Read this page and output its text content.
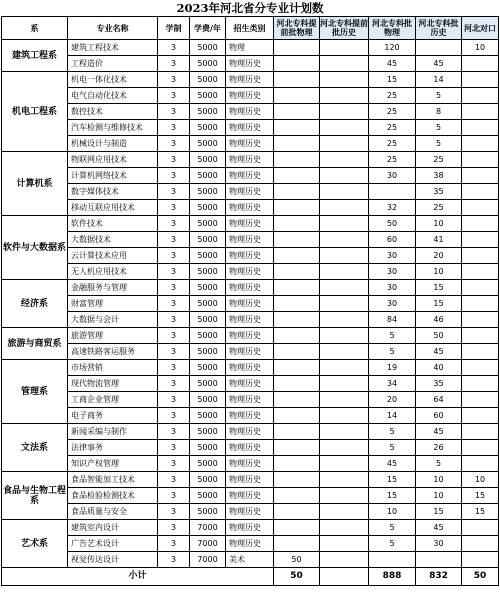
2023年河北省分专业计划数
系	专业名称	学制	学费/年	招生类别	河北专科提前批物理	河北专科提前批历史	河北专科批物理	河北专科批历史	河北对口
建筑工程系	建筑工程技术	3	5000	物理			120		10
	工程造价	3	5000	物理历史			45	45	
机电工程系	机电一体化技术	3	5000	物理历史			15	14	
	电气自动化技术	3	5000	物理历史			25	5	
	数控技术	3	5000	物理历史			25	8	
	汽车检测与维修技术	3	5000	物理历史			25	5	
	机械设计与制造	3	5000	物理历史			25	5	
计算机系	物联网应用技术	3	5000	物理历史			25	25	
	计算机网络技术	3	5000	物理历史			30	38	
	数字媒体技术	3	5000	物理历史				35	
	移动互联应用技术	3	5000	物理历史			32	25	
软件与大数据系	软件技术	3	5000	物理历史			50	10	
	大数据技术	3	5000	物理历史			60	41	
	云计算技术应用	3	5000	物理历史			30	20	
	无人机应用技术	3	5000	物理历史			30	10	
经济系	金融服务与管理	3	5000	物理历史			30	15	
	财富管理	3	5000	物理历史			30	15	
	大数据与会计	3	5000	物理历史			84	46	
旅游与商贸系	旅游管理	3	5000	物理历史			5	50	
	高速铁路客运服务	3	5000	物理历史			5	45	
管理系	市场营销	3	5000	物理历史			19	40	
	现代物流管理	3	5000	物理历史			34	35	
	工商企业管理	3	5000	物理历史			20	64	
	电子商务	3	5000	物理历史			14	60	
文法系	新闻采编与制作	3	5000	物理历史			5	45	
	法律事务	3	5000	物理历史			5	26	
	知识产权管理	3	5000	物理历史			45	5	
食品与生物工程系	食品智能加工技术	3	5000	物理历史			15	10	10
	食品检验检测技术	3	5000	物理历史			15	10	15
	食品质量与安全	3	5000	物理历史			10	15	15
艺术系	建筑室内设计	3	7000	物理历史			5	45	
	广告艺术设计	3	7000	物理历史			5	30	
	视觉传达设计	3	7000	美术	50				
小计					50		888	832	50
